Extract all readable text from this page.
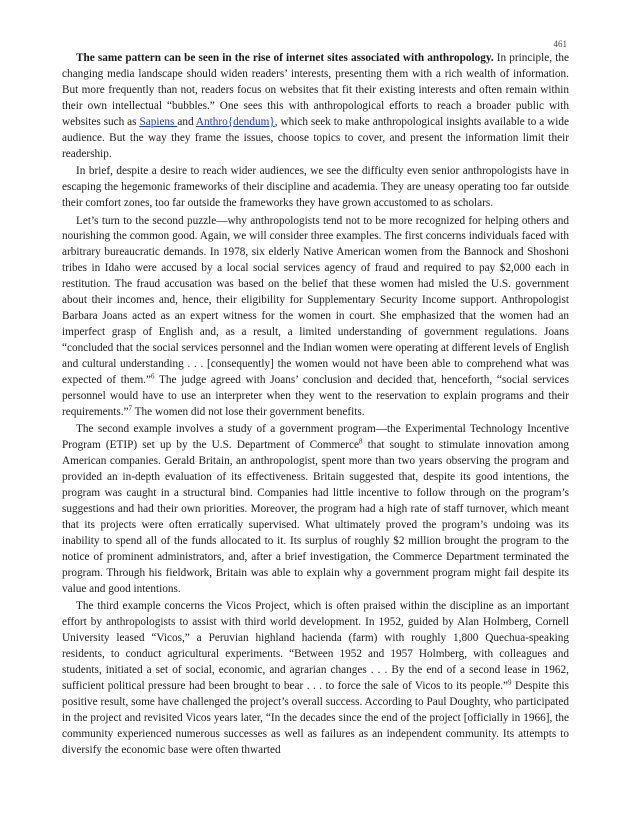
461

The same pattern can be seen in the rise of internet sites associated with anthropology. In principle, the changing media landscape should widen readers’ interests, presenting them with a rich wealth of information. But more frequently than not, readers focus on websites that fit their existing interests and often remain within their own intellectual “bubbles.” One sees this with anthropological efforts to reach a broader public with websites such as Sapiens and Anthro{dendum}, which seek to make anthropological insights available to a wide audience. But the way they frame the issues, choose topics to cover, and present the information limit their readership.

In brief, despite a desire to reach wider audiences, we see the difficulty even senior anthropologists have in escaping the hegemonic frameworks of their discipline and academia. They are uneasy operating too far outside their comfort zones, too far outside the frameworks they have grown accustomed to as scholars.

Let’s turn to the second puzzle—why anthropologists tend not to be more recognized for helping others and nourishing the common good. Again, we will consider three examples. The first concerns individuals faced with arbitrary bureaucratic demands. In 1978, six elderly Native American women from the Bannock and Shoshoni tribes in Idaho were accused by a local social services agency of fraud and required to pay $2,000 each in restitution. The fraud accusation was based on the belief that these women had misled the U.S. government about their incomes and, hence, their eligibility for Supplementary Security Income support. Anthropologist Barbara Joans acted as an expert witness for the women in court. She emphasized that the women had an imperfect grasp of English and, as a result, a limited understanding of government regulations. Joans “concluded that the social services personnel and the Indian women were operating at different levels of English and cultural understanding . . . [consequently] the women would not have been able to comprehend what was expected of them.”$^6$ The judge agreed with Joans’ conclusion and decided that, henceforth, “social services personnel would have to use an interpreter when they went to the reservation to explain programs and their requirements.”$^7$ The women did not lose their government benefits.

The second example involves a study of a government program—the Experimental Technology Incentive Program (ETIP) set up by the U.S. Department of Commerce$^8$ that sought to stimulate innovation among American companies. Gerald Britain, an anthropologist, spent more than two years observing the program and provided an in-depth evaluation of its effectiveness. Britain suggested that, despite its good intentions, the program was caught in a structural bind. Companies had little incentive to follow through on the program’s suggestions and had their own priorities. Moreover, the program had a high rate of staff turnover, which meant that its projects were often erratically supervised. What ultimately proved the program’s undoing was its inability to spend all of the funds allocated to it. Its surplus of roughly $2 million brought the program to the notice of prominent administrators, and, after a brief investigation, the Commerce Department terminated the program. Through his fieldwork, Britain was able to explain why a government program might fail despite its value and good intentions.

The third example concerns the Vicos Project, which is often praised within the discipline as an important effort by anthropologists to assist with third world development. In 1952, guided by Alan Holmberg, Cornell University leased “Vicos,” a Peruvian highland hacienda (farm) with roughly 1,800 Quechua-speaking residents, to conduct agricultural experiments. “Between 1952 and 1957 Holmberg, with colleagues and students, initiated a set of social, economic, and agrarian changes . . . By the end of a second lease in 1962, sufficient political pressure had been brought to bear . . . to force the sale of Vicos to its people.”$^9$ Despite this positive result, some have challenged the project’s overall success. According to Paul Doughty, who participated in the project and revisited Vicos years later, “In the decades since the end of the project [officially in 1966], the community experienced numerous successes as well as failures as an independent community. Its attempts to diversify the economic base were often thwarted
